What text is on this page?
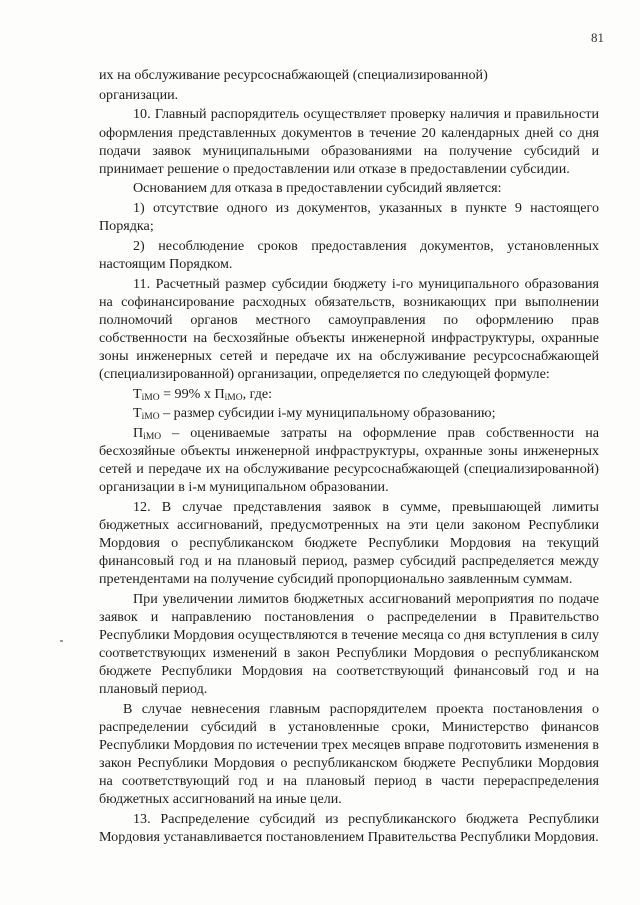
81

их на обслуживание ресурсоснабжающей (специализированной)

организации.

10. Главный распорядитель осуществляет проверку наличия и правильности оформления представленных документов в течение 20 календарных дней со дня подачи заявок муниципальными образованиями на получение субсидий и принимает решение о предоставлении или отказе в предоставлении субсидии.

Основанием для отказа в предоставлении субсидий является:

1) отсутствие одного из документов, указанных в пункте 9 настоящего Порядка;

2) несоблюдение сроков предоставления документов, установленных настоящим Порядком.

11. Расчетный размер субсидии бюджету i-го муниципального образования на софинансирование расходных обязательств, возникающих при выполнении полномочий органов местного самоуправления по оформлению прав собственности на бесхозяйные объекты инженерной инфраструктуры, охранные зоны инженерных сетей и передаче их на обслуживание ресурсоснабжающей (специализированной) организации, определяется по следующей формуле:

$Т_{iМО} = 99\%$ х $П_{iМО}$, где:

$Т_{iМО}$ – размер субсидии i-му муниципальному образованию;

$П_{iМО}$ – оцениваемые затраты на оформление прав собственности на бесхозяйные объекты инженерной инфраструктуры, охранные зоны инженерных сетей и передаче их на обслуживание ресурсоснабжающей (специализированной) организации в i-м муниципальном образовании.

12. В случае представления заявок в сумме, превышающей лимиты бюджетных ассигнований, предусмотренных на эти цели законом Республики Мордовия о республиканском бюджете Республики Мордовия на текущий финансовый год и на плановый период, размер субсидий распределяется между претендентами на получение субсидий пропорционально заявленным суммам.

При увеличении лимитов бюджетных ассигнований мероприятия по подаче заявок и направлению постановления о распределении в Правительство Республики Мордовия осуществляются в течение месяца со дня вступления в силу соответствующих изменений в закон Республики Мордовия о республиканском бюджете Республики Мордовия на соответствующий финансовый год и на плановый период.

В случае невнесения главным распорядителем проекта постановления о распределении субсидий в установленные сроки, Министерство финансов Республики Мордовия по истечении трех месяцев вправе подготовить изменения в закон Республики Мордовия о республиканском бюджете Республики Мордовия на соответствующий год и на плановый период в части перераспределения бюджетных ассигнований на иные цели.

13. Распределение субсидий из республиканского бюджета Республики Мордовия устанавливается постановлением Правительства Республики Мордовия.
